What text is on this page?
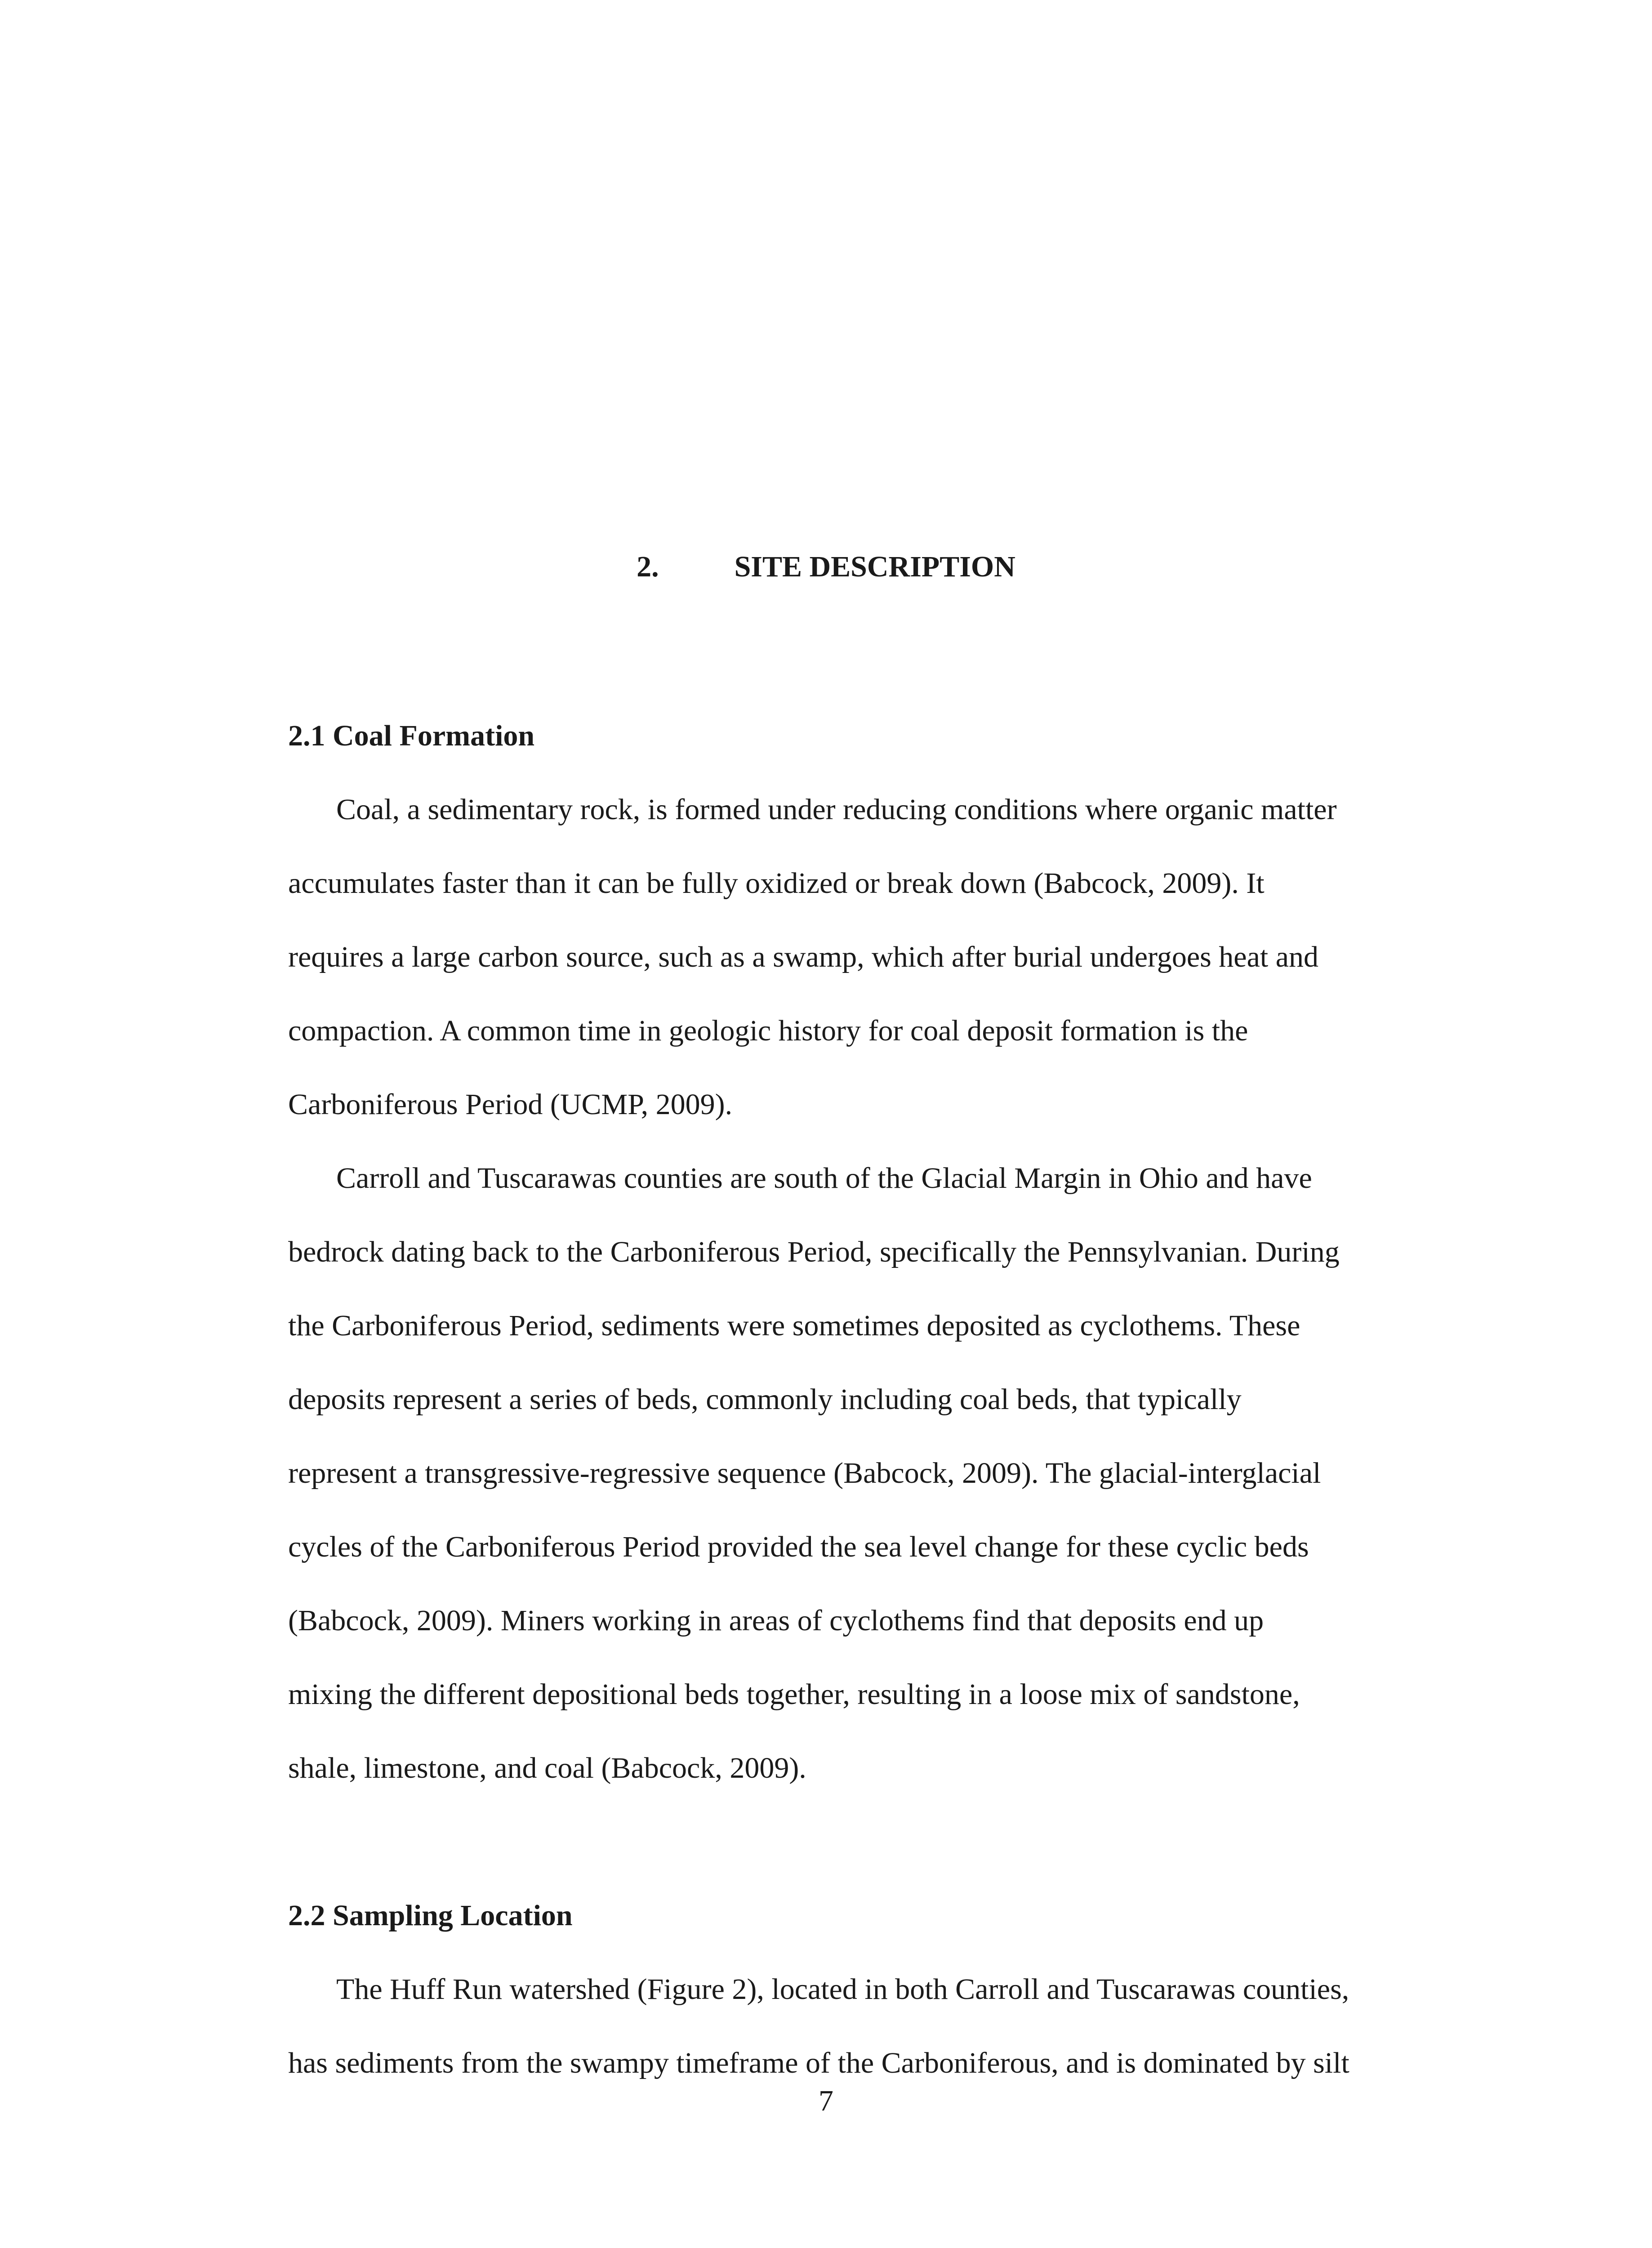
2.	SITE DESCRIPTION
2.1 Coal Formation
Coal, a sedimentary rock, is formed under reducing conditions where organic matter
accumulates faster than it can be fully oxidized or break down (Babcock, 2009). It
requires a large carbon source, such as a swamp, which after burial undergoes heat and
compaction. A common time in geologic history for coal deposit formation is the
Carboniferous Period (UCMP, 2009).
Carroll and Tuscarawas counties are south of the Glacial Margin in Ohio and have
bedrock dating back to the Carboniferous Period, specifically the Pennsylvanian. During
the Carboniferous Period, sediments were sometimes deposited as cyclothems. These
deposits represent a series of beds, commonly including coal beds, that typically
represent a transgressive-regressive sequence (Babcock, 2009). The glacial-interglacial
cycles of the Carboniferous Period provided the sea level change for these cyclic beds
(Babcock, 2009). Miners working in areas of cyclothems find that deposits end up
mixing the different depositional beds together, resulting in a loose mix of sandstone,
shale, limestone, and coal (Babcock, 2009).
2.2 Sampling Location
The Huff Run watershed (Figure 2), located in both Carroll and Tuscarawas counties,
has sediments from the swampy timeframe of the Carboniferous, and is dominated by silt
7
